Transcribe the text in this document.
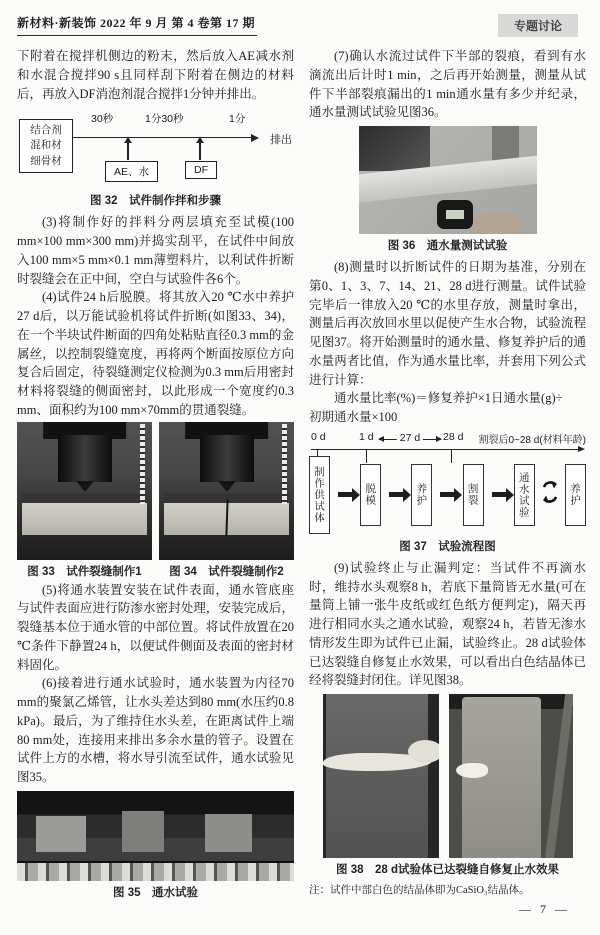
新材料·新装饰 2022 年 9 月 第 4 卷第 17 期	专题讨论

下附着在搅拌机侧边的粉末，然后放入AE减水剂和水混合搅拌90 s且同样刮下附着在侧边的材料后，再放入DF消泡剂混合搅拌1分钟并排出。

结合剂
混和材
细骨材
30秒	1分30秒	1分
排出
AE、水	DF
图 32　试件制作拌和步骤

(3)将制作好的拌料分两层填充至试模(100 mm×100 mm×300 mm)并捣实刮平，在试件中间放入100 mm×5 mm×0.1 mm薄塑料片，以利试件折断时裂缝会在正中间，空白与试验件各6个。

(4)试件24 h后脱膜。将其放入20 ℃水中养护27 d后，以万能试验机将试件折断(如图33、34)，在一个半块试件断面的四角处粘贴直径0.3 mm的金属丝，以控制裂缝宽度，再将两个断面按原位方向复合后固定，待裂缝测定仪检测为0.3 mm后用密封材料将裂缝的侧面密封，以此形成一个宽度约0.3 mm、面积约为100 mm×70mm的贯通裂缝。

图 33　试件裂缝制作1	图 34　试件裂缝制作2

(5)将通水装置安装在试件表面，通水管底座与试件表面应进行防渗水密封处理，安装完成后，裂缝基本位于通水管的中部位置。将试件放置在20 ℃条件下静置24 h，以便试件侧面及表面的密封材料固化。

(6)接着进行通水试验时，通水装置为内径70 mm的聚氯乙烯管，让水头差达到80 mm(水压约0.8 kPa)。最后，为了维持住水头差，在距离试件上端80 mm处，连接用来排出多余水量的管子。设置在试件上方的水槽，将水导引流至试件，通水试验见图35。

图 35　通水试验

(7)确认水流过试件下半部的裂痕，看到有水滴流出后计时1 min，之后再开始测量，测量从试件下半部裂痕漏出的1 min通水量有多少并纪录，通水量测试试验见图36。

图 36　通水量测试试验

(8)测量时以折断试件的日期为基准，分别在第0、1、3、7、14、21、28 d进行测量。试件试验完毕后一律放入20 ℃的水里存放，测量时拿出，测量后再次放回水里以促使产生水合物，试验流程见图37。将开始测量时的通水量、修复养护后的通水量两者比值，作为通水量比率，并套用下列公式进行计算：

通水量比率(%)＝修复养护×1日通水量(g)÷

初期通水量×100

0 d	1 d 27 d 28 d 割裂后0~28 d(材料年龄)
制作供试体	脱模	养护	割裂	通水试验	养护
图 37　试验流程图

(9)试验终止与止漏判定：当试件不再滴水时，维持水头观察8 h，若底下量筒皆无水量(可在量筒上铺一张牛皮纸或红色纸方便判定)，隔天再进行相同水头之通水试验，观察24 h，若皆无渗水情形发生即为试件已止漏，试验终止。28 d试验体已达裂缝自修复止水效果，可以看出白色结晶体已经将裂缝封闭住。详见图38。

图 38　28 d试验体已达裂缝自修复止水效果
注：试件中部白色的结晶体即为CaSiO₃结晶体。
— 7 —
